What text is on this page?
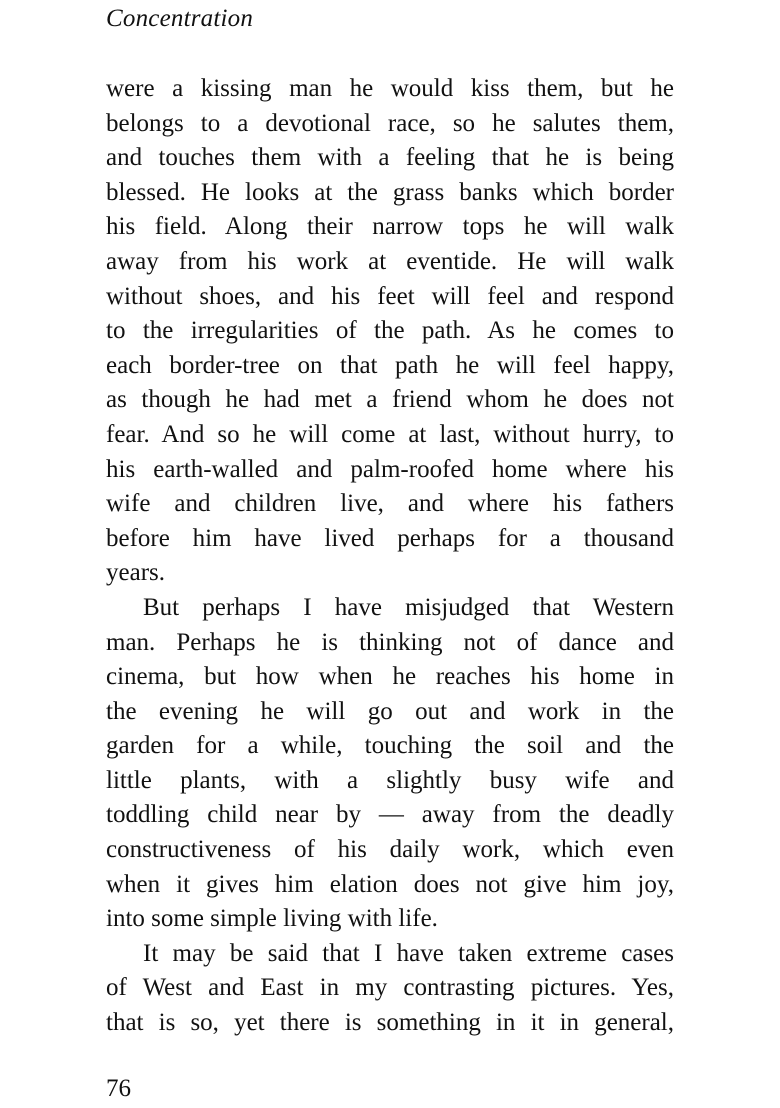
Concentration
were a kissing man he would kiss them, but he
belongs to a devotional race, so he salutes them,
and touches them with a feeling that he is being
blessed. He looks at the grass banks which border
his field. Along their narrow tops he will walk
away from his work at eventide. He will walk
without shoes, and his feet will feel and respond
to the irregularities of the path. As he comes to
each border-tree on that path he will feel happy,
as though he had met a friend whom he does not
fear. And so he will come at last, without hurry, to
his earth-walled and palm-roofed home where his
wife and children live, and where his fathers
before him have lived perhaps for a thousand
years.
But perhaps I have misjudged that Western
man. Perhaps he is thinking not of dance and
cinema, but how when he reaches his home in
the evening he will go out and work in the
garden for a while, touching the soil and the
little plants, with a slightly busy wife and
toddling child near by — away from the deadly
constructiveness of his daily work, which even
when it gives him elation does not give him joy,
into some simple living with life.
It may be said that I have taken extreme cases
of West and East in my contrasting pictures. Yes,
that is so, yet there is something in it in general,
76
